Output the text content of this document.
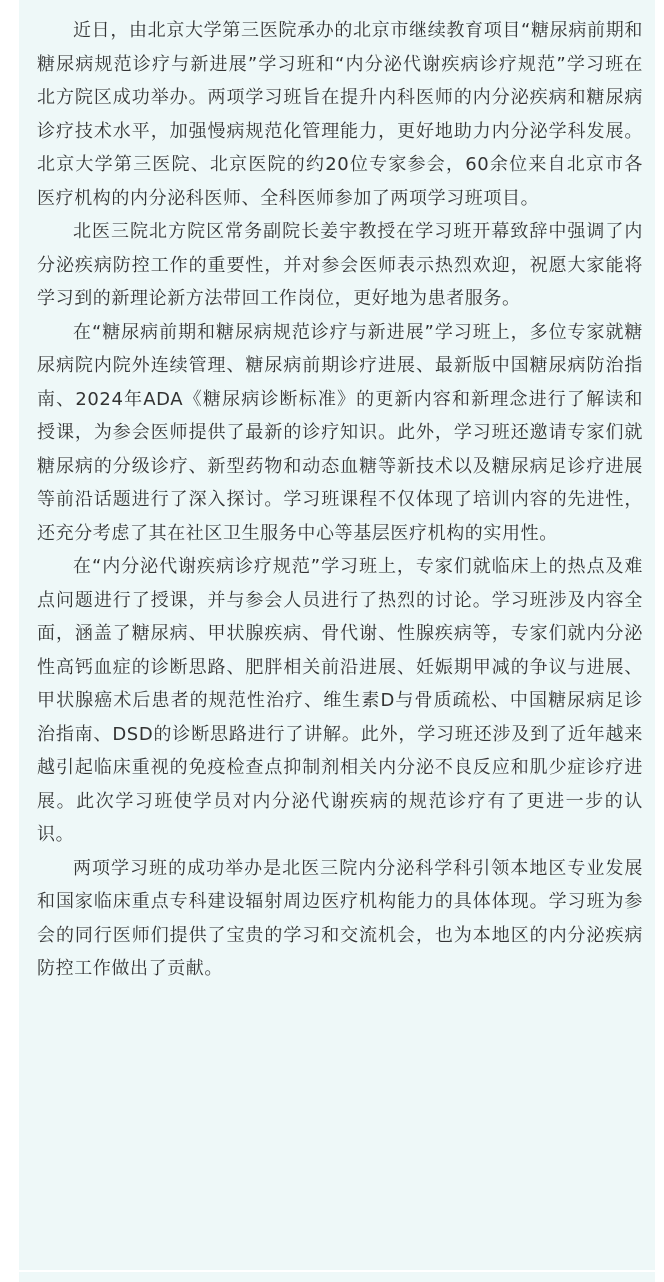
近日，由北京大学第三医院承办的北京市继续教育项目“糖尿病前期和糖尿病规范诊疗与新进展”学习班和“内分泌代谢疾病诊疗规范”学习班在北方院区成功举办。两项学习班旨在提升内科医师的内分泌疾病和糖尿病诊疗技术水平，加强慢病规范化管理能力，更好地助力内分泌学科发展。北京大学第三医院、北京医院的约20位专家参会，60余位来自北京市各医疗机构的内分泌科医师、全科医师参加了两项学习班项目。

北医三院北方院区常务副院长姜宇教授在学习班开幕致辞中强调了内分泌疾病防控工作的重要性，并对参会医师表示热烈欢迎，祝愿大家能将学习到的新理论新方法带回工作岗位，更好地为患者服务。

在“糖尿病前期和糖尿病规范诊疗与新进展”学习班上，多位专家就糖尿病院内院外连续管理、糖尿病前期诊疗进展、最新版中国糖尿病防治指南、2024年ADA《糖尿病诊断标准》的更新内容和新理念进行了解读和授课，为参会医师提供了最新的诊疗知识。此外，学习班还邀请专家们就糖尿病的分级诊疗、新型药物和动态血糖等新技术以及糖尿病足诊疗进展等前沿话题进行了深入探讨。学习班课程不仅体现了培训内容的先进性，还充分考虑了其在社区卫生服务中心等基层医疗机构的实用性。

在“内分泌代谢疾病诊疗规范”学习班上，专家们就临床上的热点及难点问题进行了授课，并与参会人员进行了热烈的讨论。学习班涉及内容全面，涵盖了糖尿病、甲状腺疾病、骨代谢、性腺疾病等，专家们就内分泌性高钙血症的诊断思路、肥胖相关前沿进展、妊娠期甲减的争议与进展、甲状腺癌术后患者的规范性治疗、维生素D与骨质疏松、中国糖尿病足诊治指南、DSD的诊断思路进行了讲解。此外，学习班还涉及到了近年越来越引起临床重视的免疫检查点抑制剂相关内分泌不良反应和肌少症诊疗进展。此次学习班使学员对内分泌代谢疾病的规范诊疗有了更进一步的认识。

两项学习班的成功举办是北医三院内分泌科学科引领本地区专业发展和国家临床重点专科建设辐射周边医疗机构能力的具体体现。学习班为参会的同行医师们提供了宝贵的学习和交流机会，也为本地区的内分泌疾病防控工作做出了贡献。
